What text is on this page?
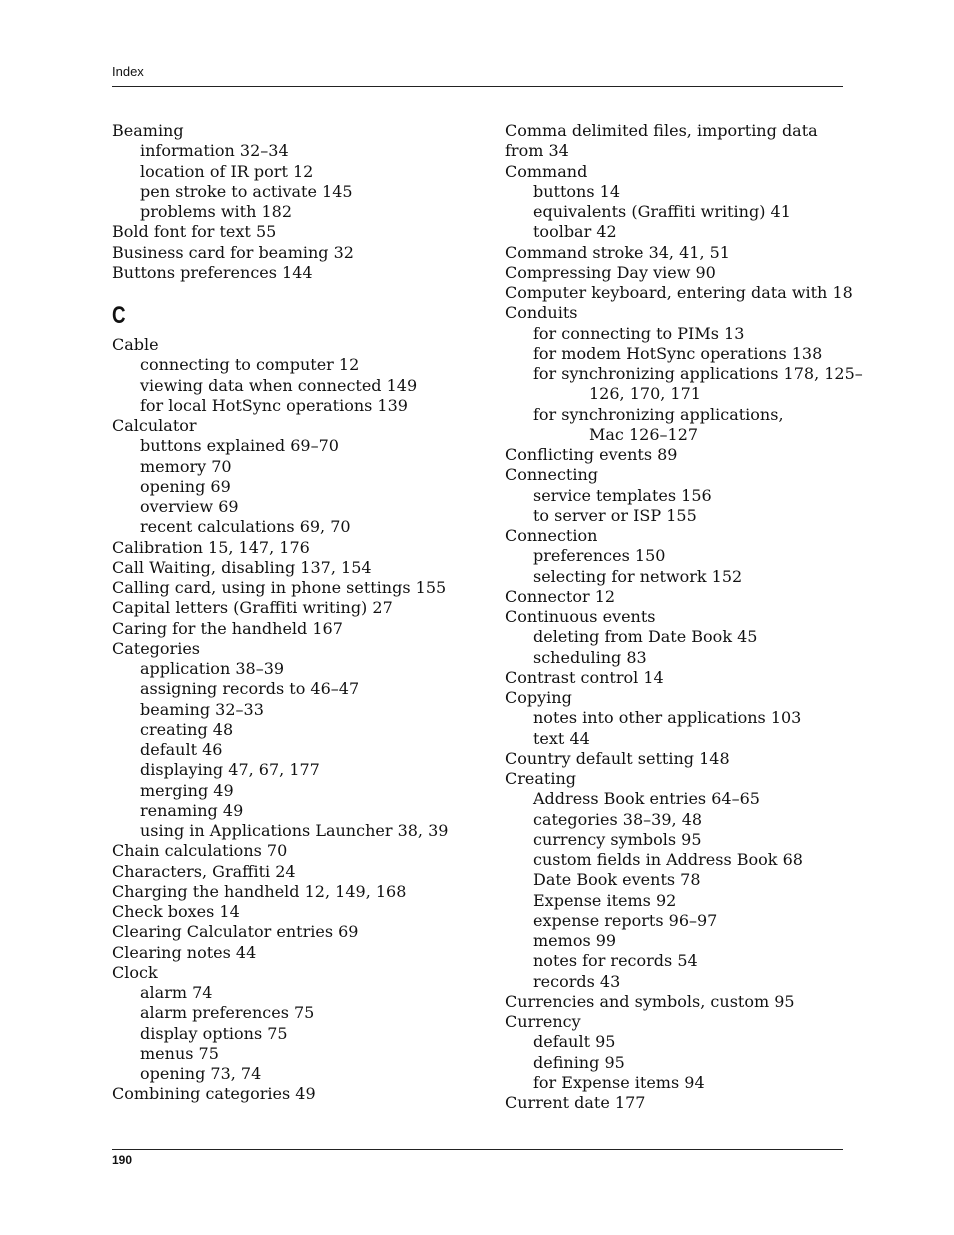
Index
Beaming
information 32–34
location of IR port 12
pen stroke to activate 145
problems with 182
Bold font for text 55
Business card for beaming 32
Buttons preferences 144
C
Cable
connecting to computer 12
viewing data when connected 149
for local HotSync operations 139
Calculator
buttons explained 69–70
memory 70
opening 69
overview 69
recent calculations 69, 70
Calibration 15, 147, 176
Call Waiting, disabling 137, 154
Calling card, using in phone settings 155
Capital letters (Graffiti writing) 27
Caring for the handheld 167
Categories
application 38–39
assigning records to 46–47
beaming 32–33
creating 48
default 46
displaying 47, 67, 177
merging 49
renaming 49
using in Applications Launcher 38, 39
Chain calculations 70
Characters, Graffiti 24
Charging the handheld 12, 149, 168
Check boxes 14
Clearing Calculator entries 69
Clearing notes 44
Clock
alarm 74
alarm preferences 75
display options 75
menus 75
opening 73, 74
Combining categories 49
Comma delimited files, importing data
from 34
Command
buttons 14
equivalents (Graffiti writing) 41
toolbar 42
Command stroke 34, 41, 51
Compressing Day view 90
Computer keyboard, entering data with 18
Conduits
for connecting to PIMs 13
for modem HotSync operations 138
for synchronizing applications 178, 125–
126, 170, 171
for synchronizing applications,
Mac 126–127
Conflicting events 89
Connecting
service templates 156
to server or ISP 155
Connection
preferences 150
selecting for network 152
Connector 12
Continuous events
deleting from Date Book 45
scheduling 83
Contrast control 14
Copying
notes into other applications 103
text 44
Country default setting 148
Creating
Address Book entries 64–65
categories 38–39, 48
currency symbols 95
custom fields in Address Book 68
Date Book events 78
Expense items 92
expense reports 96–97
memos 99
notes for records 54
records 43
Currencies and symbols, custom 95
Currency
default 95
defining 95
for Expense items 94
Current date 177
190
